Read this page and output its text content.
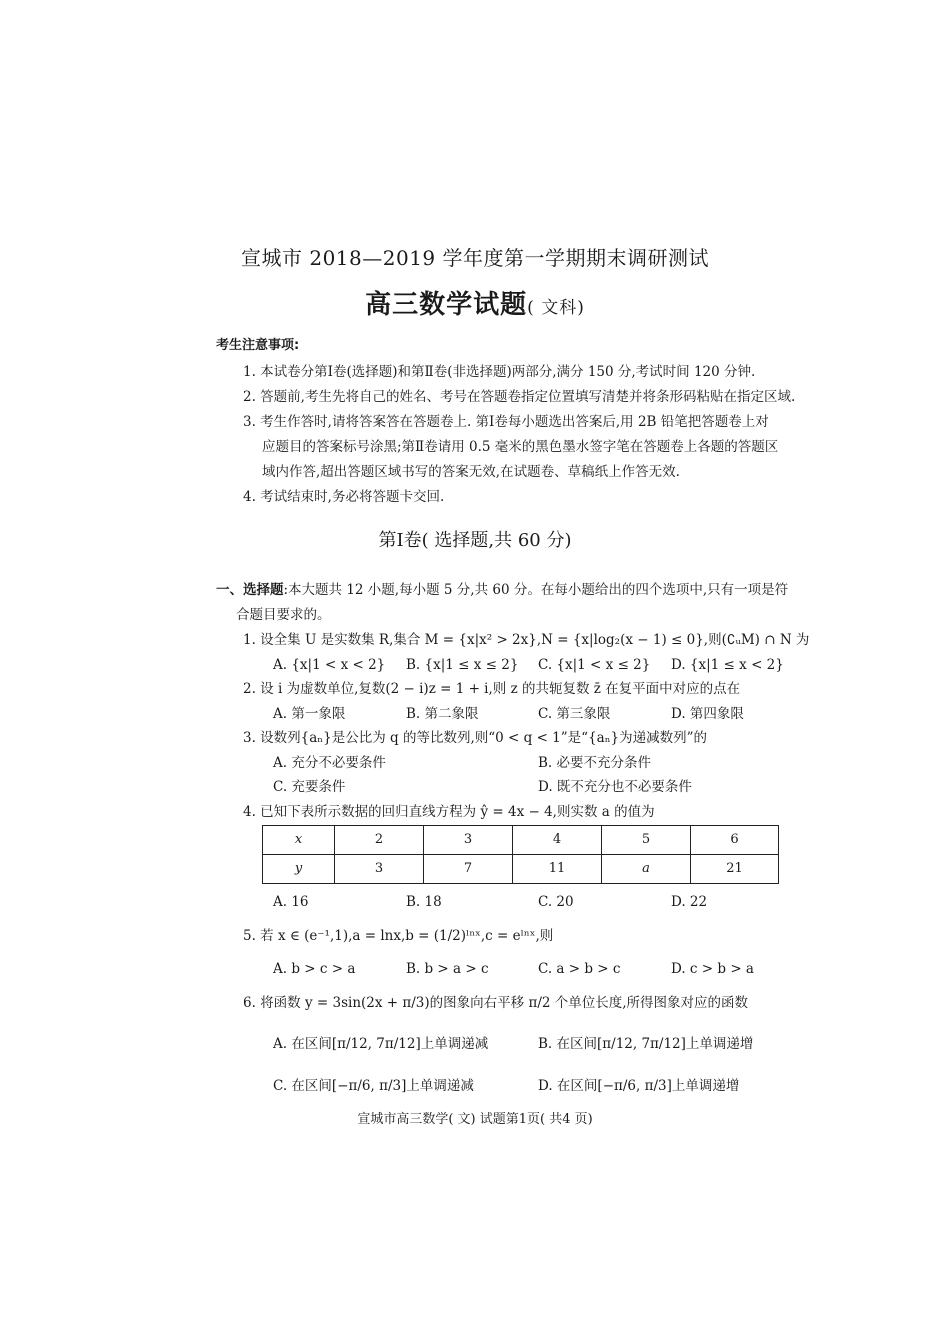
宣城市 2018—2019 学年度第一学期期末调研测试
高三数学试题( 文科)
考生注意事项:
1. 本试卷分第Ⅰ卷(选择题)和第Ⅱ卷(非选择题)两部分,满分 150 分,考试时间 120 分钟.
2. 答题前,考生先将自己的姓名、考号在答题卷指定位置填写清楚并将条形码粘贴在指定区域.
3. 考生作答时,请将答案答在答题卷上. 第Ⅰ卷每小题选出答案后,用 2B 铅笔把答题卷上对
应题目的答案标号涂黑;第Ⅱ卷请用 0.5 毫米的黑色墨水签字笔在答题卷上各题的答题区
域内作答,超出答题区域书写的答案无效,在试题卷、草稿纸上作答无效.
4. 考试结束时,务必将答题卡交回.
第Ⅰ卷( 选择题,共 60 分)
一、选择题:本大题共 12 小题,每小题 5 分,共 60 分。在每小题给出的四个选项中,只有一项是符
合题目要求的。
1. 设全集 U 是实数集 R,集合 M = {x|x² > 2x},N = {x|log₂(x − 1) ≤ 0},则(∁ᵤM) ∩ N 为
A. {x|1 < x < 2} B. {x|1 ≤ x ≤ 2} C. {x|1 < x ≤ 2} D. {x|1 ≤ x < 2}
2. 设 i 为虚数单位,复数(2 − i)z = 1 + i,则 z 的共轭复数 z̄ 在复平面中对应的点在
A. 第一象限	B. 第二象限	C. 第三象限	D. 第四象限
3. 设数列{aₙ}是公比为 q 的等比数列,则“0 < q < 1”是“{aₙ}为递减数列”的
A. 充分不必要条件	B. 必要不充分条件
C. 充要条件	D. 既不充分也不必要条件
4. 已知下表所示数据的回归直线方程为 ŷ = 4x − 4,则实数 a 的值为
x	2	3	4	5	6
y	3	7	11	a	21
A. 16	B. 18	C. 20	D. 22
5. 若 x ∈ (e⁻¹,1),a = lnx,b = (1/2)ˡⁿˣ,c = eˡⁿˣ,则
A. b > c > a	B. b > a > c	C. a > b > c	D. c > b > a
6. 将函数 y = 3sin(2x + π/3)的图象向右平移 π/2 个单位长度,所得图象对应的函数
A. 在区间[π/12, 7π/12]上单调递减	B. 在区间[π/12, 7π/12]上单调递增
C. 在区间[−π/6, π/3]上单调递减	D. 在区间[−π/6, π/3]上单调递增
宣城市高三数学( 文) 试题第1页( 共4 页)
